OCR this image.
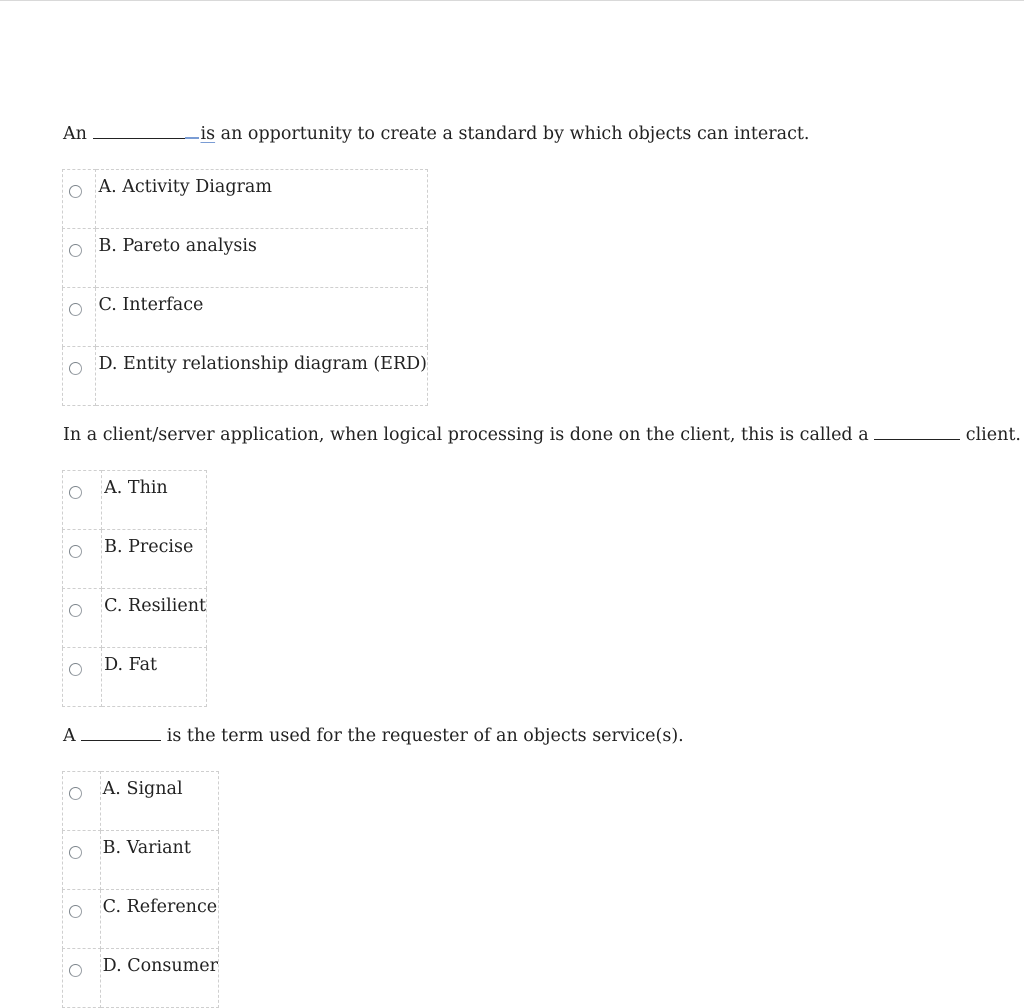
An	is an opportunity to create a standard by which objects can interact.
	A. Activity Diagram
	B. Pareto analysis
	C. Interface
	D. Entity relationship diagram (ERD)
In a client/server application, when logical processing is done on the client, this is called a	client.
	A. Thin
	B. Precise
	C. Resilient
	D. Fat
A	is the term used for the requester of an objects service(s).
	A. Signal
	B. Variant
	C. Reference
	D. Consumer
